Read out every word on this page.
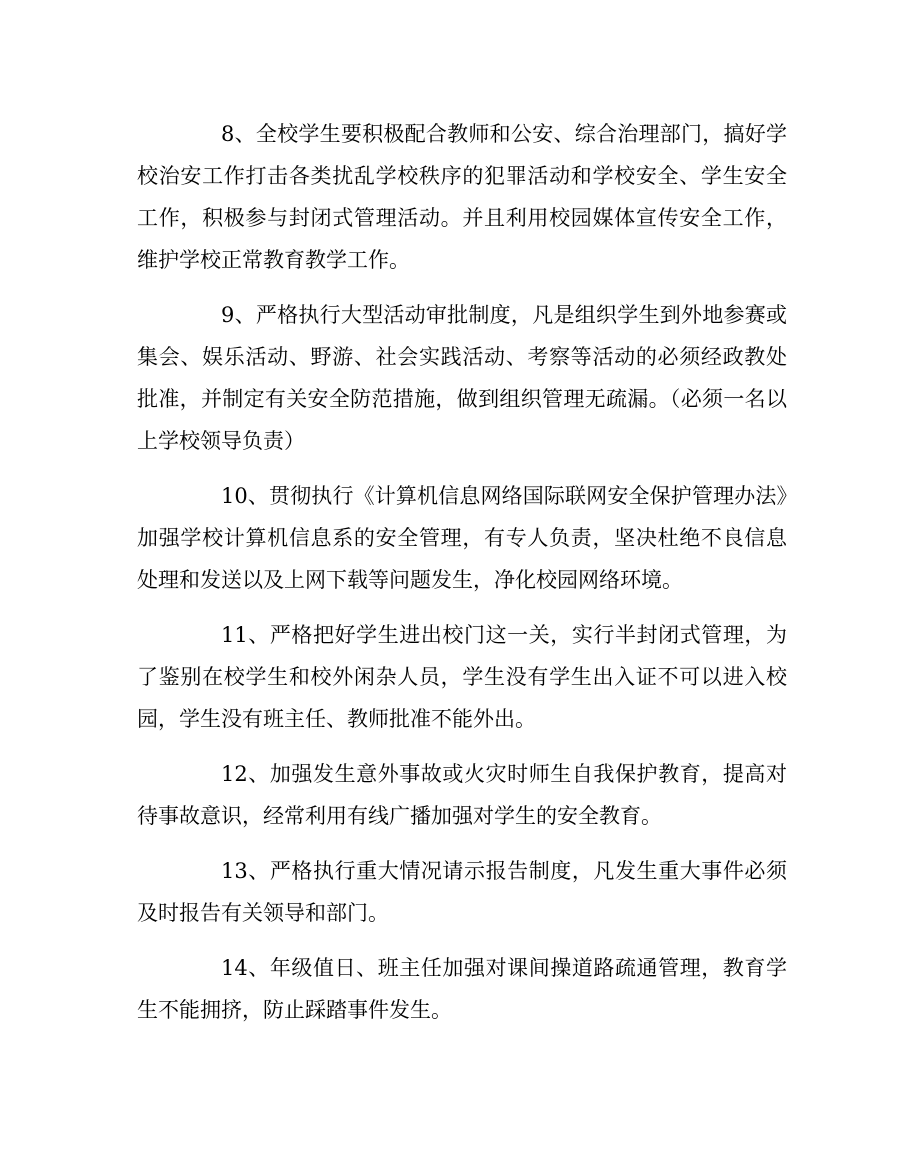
8、全校学生要积极配合教师和公安、综合治理部门，搞好学校治安工作打击各类扰乱学校秩序的犯罪活动和学校安全、学生安全工作，积极参与封闭式管理活动。并且利用校园媒体宣传安全工作，维护学校正常教育教学工作。

9、严格执行大型活动审批制度，凡是组织学生到外地参赛或集会、娱乐活动、野游、社会实践活动、考察等活动的必须经政教处批准，并制定有关安全防范措施，做到组织管理无疏漏。（必须一名以上学校领导负责）

10、贯彻执行《计算机信息网络国际联网安全保护管理办法》加强学校计算机信息系的安全管理，有专人负责，坚决杜绝不良信息处理和发送以及上网下载等问题发生，净化校园网络环境。

11、严格把好学生进出校门这一关，实行半封闭式管理，为了鉴别在校学生和校外闲杂人员，学生没有学生出入证不可以进入校园，学生没有班主任、教师批准不能外出。

12、加强发生意外事故或火灾时师生自我保护教育，提高对待事故意识，经常利用有线广播加强对学生的安全教育。

13、严格执行重大情况请示报告制度，凡发生重大事件必须及时报告有关领导和部门。

14、年级值日、班主任加强对课间操道路疏通管理，教育学生不能拥挤，防止踩踏事件发生。
